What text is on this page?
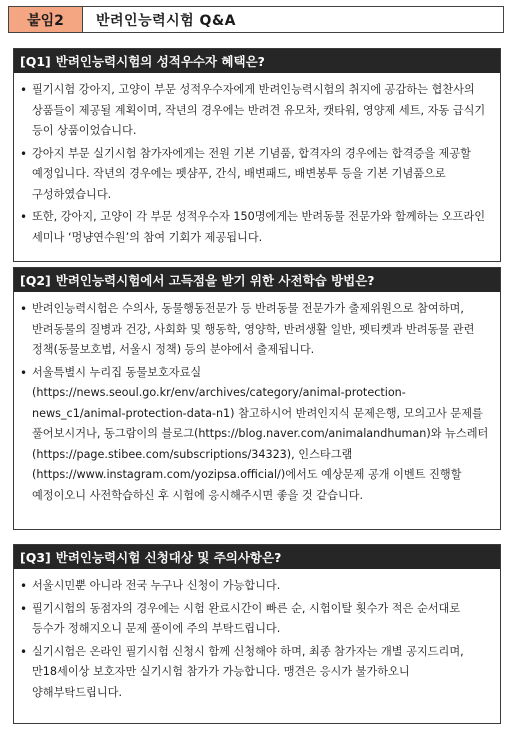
붙임2	반려인능력시험 Q&A
[Q1] 반려인능력시험의 성적우수자 혜택은?
• 필기시험 강아지, 고양이 부문 성적우수자에게 반려인능력시험의 취지에 공감하는 협찬사의 상품들이 제공될 계획이며, 작년의 경우에는 반려견 유모차, 캣타워, 영양제 세트, 자동 급식기 등이 상품이었습니다.
• 강아지 부문 실기시험 참가자에게는 전원 기본 기념품, 합격자의 경우에는 합격증을 제공할 예정입니다. 작년의 경우에는 펫샴푸, 간식, 배변패드, 배변봉투 등을 기본 기념품으로 구성하였습니다.
• 또한, 강아지, 고양이 각 부문 성적우수자 150명에게는 반려동물 전문가와 함께하는 오프라인 세미나 ‘멍냥연수원’의 참여 기회가 제공됩니다.
[Q2] 반려인능력시험에서 고득점을 받기 위한 사전학습 방법은?
• 반려인능력시험은 수의사, 동물행동전문가 등 반려동물 전문가가 출제위원으로 참여하며, 반려동물의 질병과 건강, 사회화 및 행동학, 영양학, 반려생활 일반, 펫티켓과 반려동물 관련 정책(동물보호법, 서울시 정책) 등의 분야에서 출제됩니다.
• 서울특별시 누리집 동물보호자료실(https://news.seoul.go.kr/env/archives/category/animal-protection-news_c1/animal-protection-data-n1) 참고하시어 반려인지식 문제은행, 모의고사 문제를 풀어보시거나, 동그람이의 블로그(https://blog.naver.com/animalandhuman)와 뉴스레터(https://page.stibee.com/subscriptions/34323), 인스타그램(https://www.instagram.com/yozipsa.official/)에서도 예상문제 공개 이벤트 진행할 예정이오니 사전학습하신 후 시험에 응시해주시면 좋을 것 같습니다.
[Q3] 반려인능력시험 신청대상 및 주의사항은?
• 서울시민뿐 아니라 전국 누구나 신청이 가능합니다.
• 필기시험의 동점자의 경우에는 시험 완료시간이 빠른 순, 시험이탈 횟수가 적은 순서대로 등수가 정해지오니 문제 풀이에 주의 부탁드립니다.
• 실기시험은 온라인 필기시험 신청시 함께 신청해야 하며, 최종 참가자는 개별 공지드리며, 만18세이상 보호자만 실기시험 참가가 가능합니다. 맹견은 응시가 불가하오니 양해부탁드립니다.
